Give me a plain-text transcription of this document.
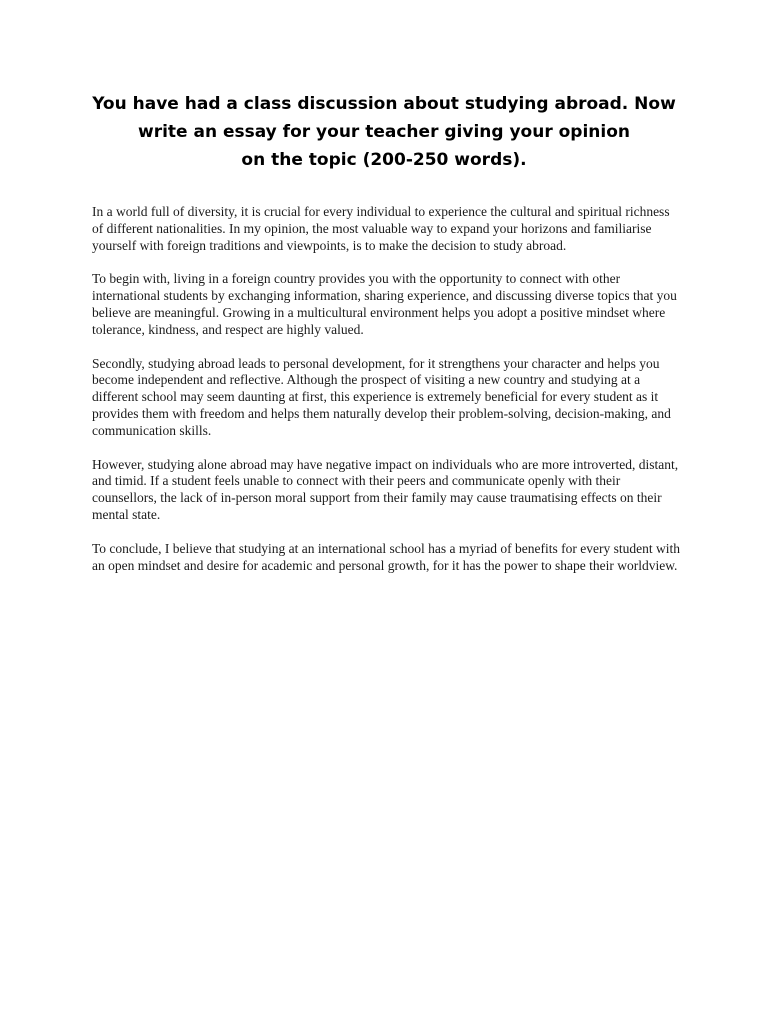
You have had a class discussion about studying abroad. Now
write an essay for your teacher giving your opinion
on the topic (200-250 words).

In a world full of diversity, it is crucial for every individual to experience the cultural and spiritual richness of different nationalities. In my opinion, the most valuable way to expand your horizons and familiarise yourself with foreign traditions and viewpoints, is to make the decision to study abroad.

To begin with, living in a foreign country provides you with the opportunity to connect with other international students by exchanging information, sharing experience, and discussing diverse topics that you believe are meaningful. Growing in a multicultural environment helps you adopt a positive mindset where tolerance, kindness, and respect are highly valued.

Secondly, studying abroad leads to personal development, for it strengthens your character and helps you become independent and reflective. Although the prospect of visiting a new country and studying at a different school may seem daunting at first, this experience is extremely beneficial for every student as it provides them with freedom and helps them naturally develop their problem-solving, decision-making, and communication skills.

However, studying alone abroad may have negative impact on individuals who are more introverted, distant, and timid. If a student feels unable to connect with their peers and communicate openly with their counsellors, the lack of in-person moral support from their family may cause traumatising effects on their mental state.

To conclude, I believe that studying at an international school has a myriad of benefits for every student with an open mindset and desire for academic and personal growth, for it has the power to shape their worldview.
